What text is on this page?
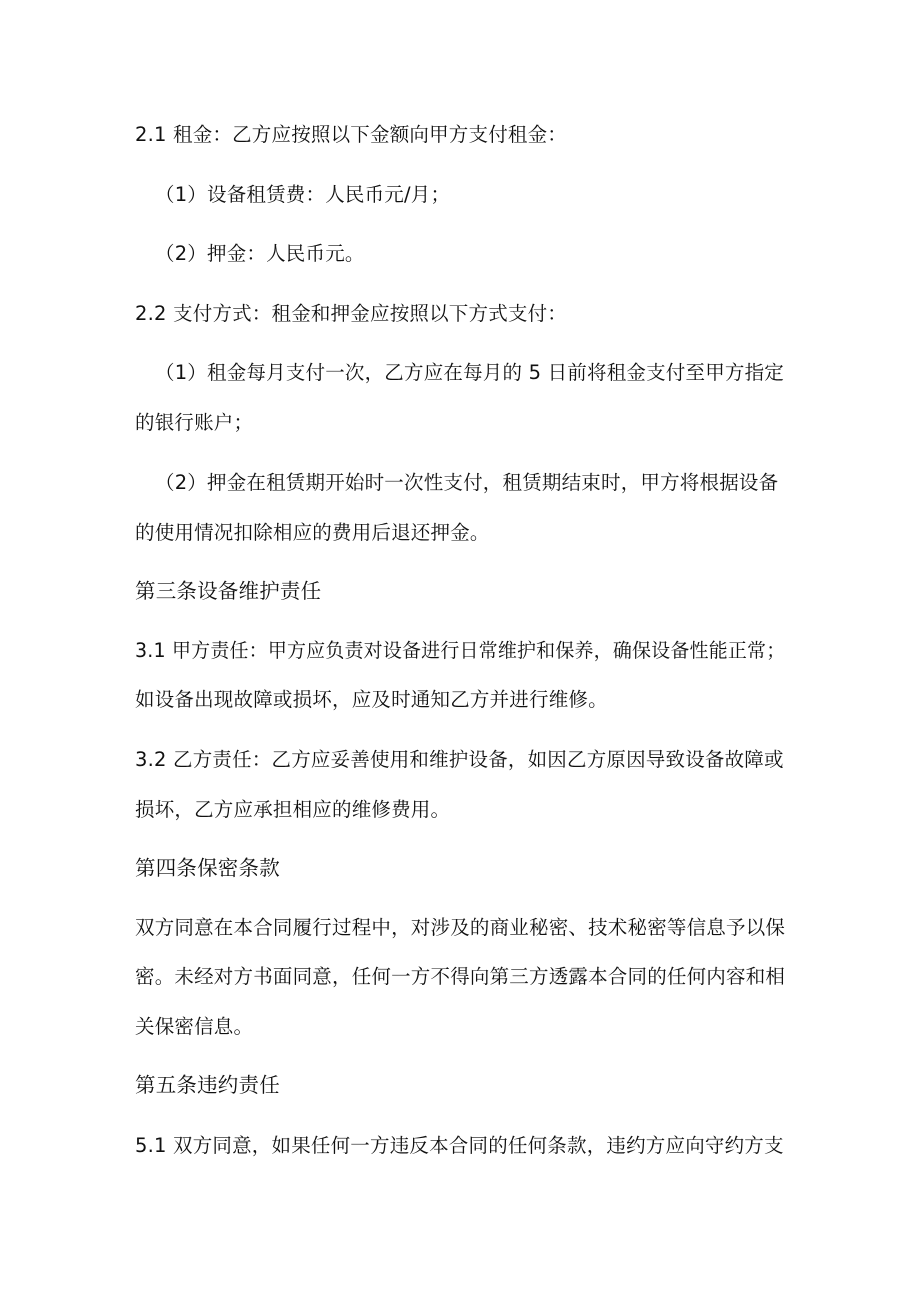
2.1 租金：乙方应按照以下金额向甲方支付租金：

（1）设备租赁费：人民币元/月；

（2）押金：人民币元。

2.2 支付方式：租金和押金应按照以下方式支付：

（1）租金每月支付一次，乙方应在每月的 5 日前将租金支付至甲方指定

的银行账户；

（2）押金在租赁期开始时一次性支付，租赁期结束时，甲方将根据设备

的使用情况扣除相应的费用后退还押金。

第三条设备维护责任

3.1 甲方责任：甲方应负责对设备进行日常维护和保养，确保设备性能正常；

如设备出现故障或损坏，应及时通知乙方并进行维修。

3.2 乙方责任：乙方应妥善使用和维护设备，如因乙方原因导致设备故障或

损坏，乙方应承担相应的维修费用。

第四条保密条款

双方同意在本合同履行过程中，对涉及的商业秘密、技术秘密等信息予以保

密。未经对方书面同意，任何一方不得向第三方透露本合同的任何内容和相

关保密信息。

第五条违约责任

5.1 双方同意，如果任何一方违反本合同的任何条款，违约方应向守约方支
